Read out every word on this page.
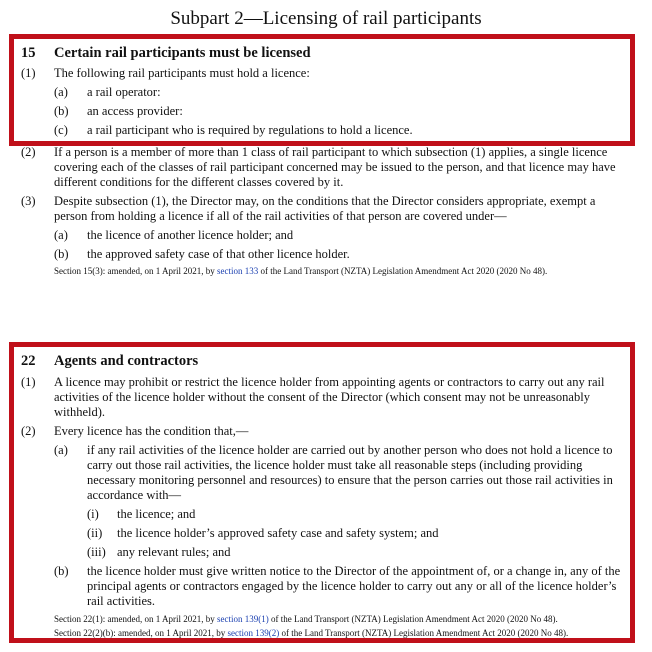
Subpart 2—Licensing of rail participants
15	Certain rail participants must be licensed
(1)	The following rail participants must hold a licence:
(a)	a rail operator:
(b)	an access provider:
(c)	a rail participant who is required by regulations to hold a licence.
(2)	If a person is a member of more than 1 class of rail participant to which subsection (1) applies, a single licence covering each of the classes of rail participant concerned may be issued to the person, and that licence may have different conditions for the different classes covered by it.
(3)	Despite subsection (1), the Director may, on the conditions that the Director considers appropriate, exempt a person from holding a licence if all of the rail activities of that person are covered under—
(a)	the licence of another licence holder; and
(b)	the approved safety case of that other licence holder.
Section 15(3): amended, on 1 April 2021, by section 133 of the Land Transport (NZTA) Legislation Amendment Act 2020 (2020 No 48).
22	Agents and contractors
(1)	A licence may prohibit or restrict the licence holder from appointing agents or contractors to carry out any rail activities of the licence holder without the consent of the Director (which consent may not be unreasonably withheld).
(2)	Every licence has the condition that,—
(a)	if any rail activities of the licence holder are carried out by another person who does not hold a licence to carry out those rail activities, the licence holder must take all reasonable steps (including providing necessary monitoring personnel and resources) to ensure that the person carries out those rail activities in accordance with—
(i)	the licence; and
(ii)	the licence holder’s approved safety case and safety system; and
(iii) any relevant rules; and
(b)	the licence holder must give written notice to the Director of the appointment of, or a change in, any of the principal agents or contractors engaged by the licence holder to carry out any or all of the licence holder’s rail activities.
Section 22(1): amended, on 1 April 2021, by section 139(1) of the Land Transport (NZTA) Legislation Amendment Act 2020 (2020 No 48).
Section 22(2)(b): amended, on 1 April 2021, by section 139(2) of the Land Transport (NZTA) Legislation Amendment Act 2020 (2020 No 48).
